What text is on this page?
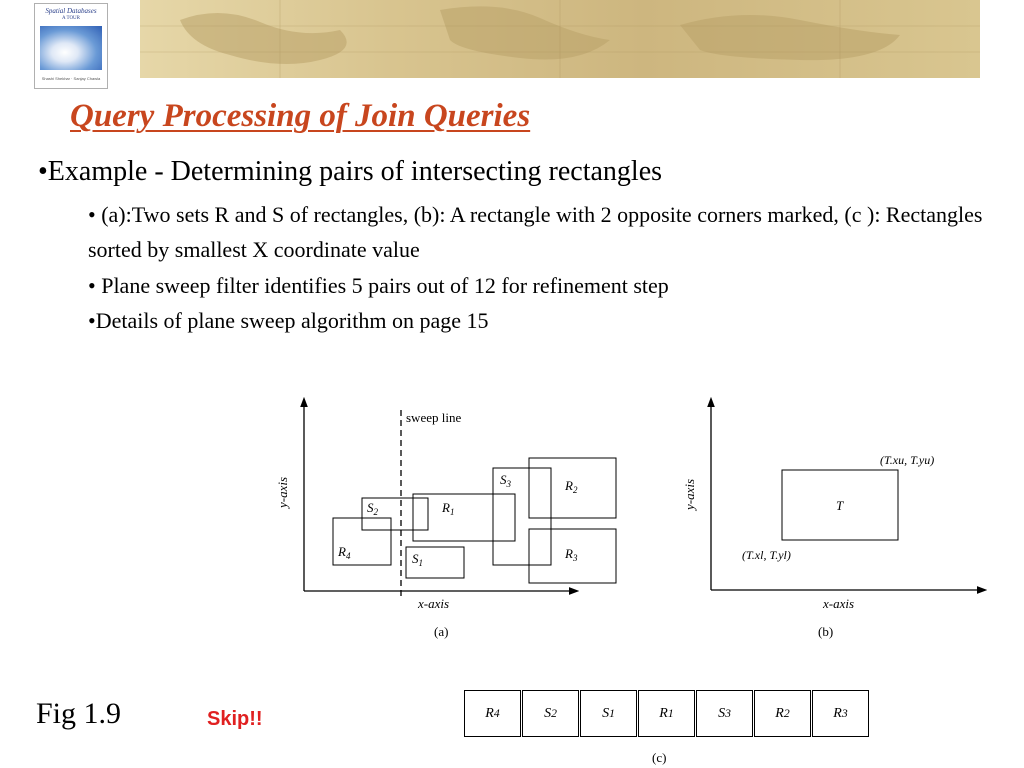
Spatial Databases
A TOUR
Shashi Shekhar · Sanjay Chawla
Query Processing of Join Queries
•Example - Determining pairs of intersecting rectangles
• (a):Two sets R and S of rectangles, (b): A rectangle with 2 opposite corners marked, (c ): Rectangles sorted by smallest X coordinate value
• Plane sweep filter identifies 5 pairs out of 12 for refinement step
•Details of plane sweep algorithm on page 15
sweep line
x-axis
y-axis
(a)
$R_4$
$S_2$
$S_1$
$R_1$
$S_3$	$R_2$
$R_3$
T
(T.xu, T.yu)
(T.xl, T.yl)
x-axis
y-axis
(b)
R 4	S 2	S 1	R 1	S 3	R 2	R 3
(c)
Fig 1.9	Skip!!
